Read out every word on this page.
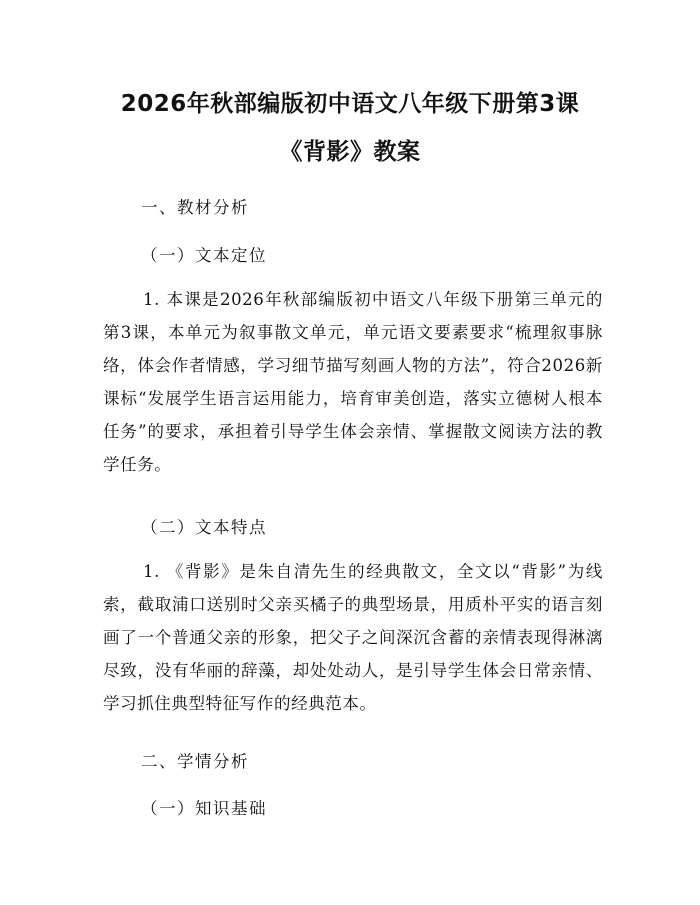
2026年秋部编版初中语文八年级下册第3课
《背影》教案
一、教材分析
（一）文本定位
1. 本课是2026年秋部编版初中语文八年级下册第三单元的第3课，本单元为叙事散文单元，单元语文要素要求“梳理叙事脉络，体会作者情感，学习细节描写刻画人物的方法”，符合2026新课标“发展学生语言运用能力，培育审美创造，落实立德树人根本任务”的要求，承担着引导学生体会亲情、掌握散文阅读方法的教学任务。
（二）文本特点
1. 《背影》是朱自清先生的经典散文，全文以“背影”为线索，截取浦口送别时父亲买橘子的典型场景，用质朴平实的语言刻画了一个普通父亲的形象，把父子之间深沉含蓄的亲情表现得淋漓尽致，没有华丽的辞藻，却处处动人，是引导学生体会日常亲情、学习抓住典型特征写作的经典范本。
二、学情分析
（一）知识基础
